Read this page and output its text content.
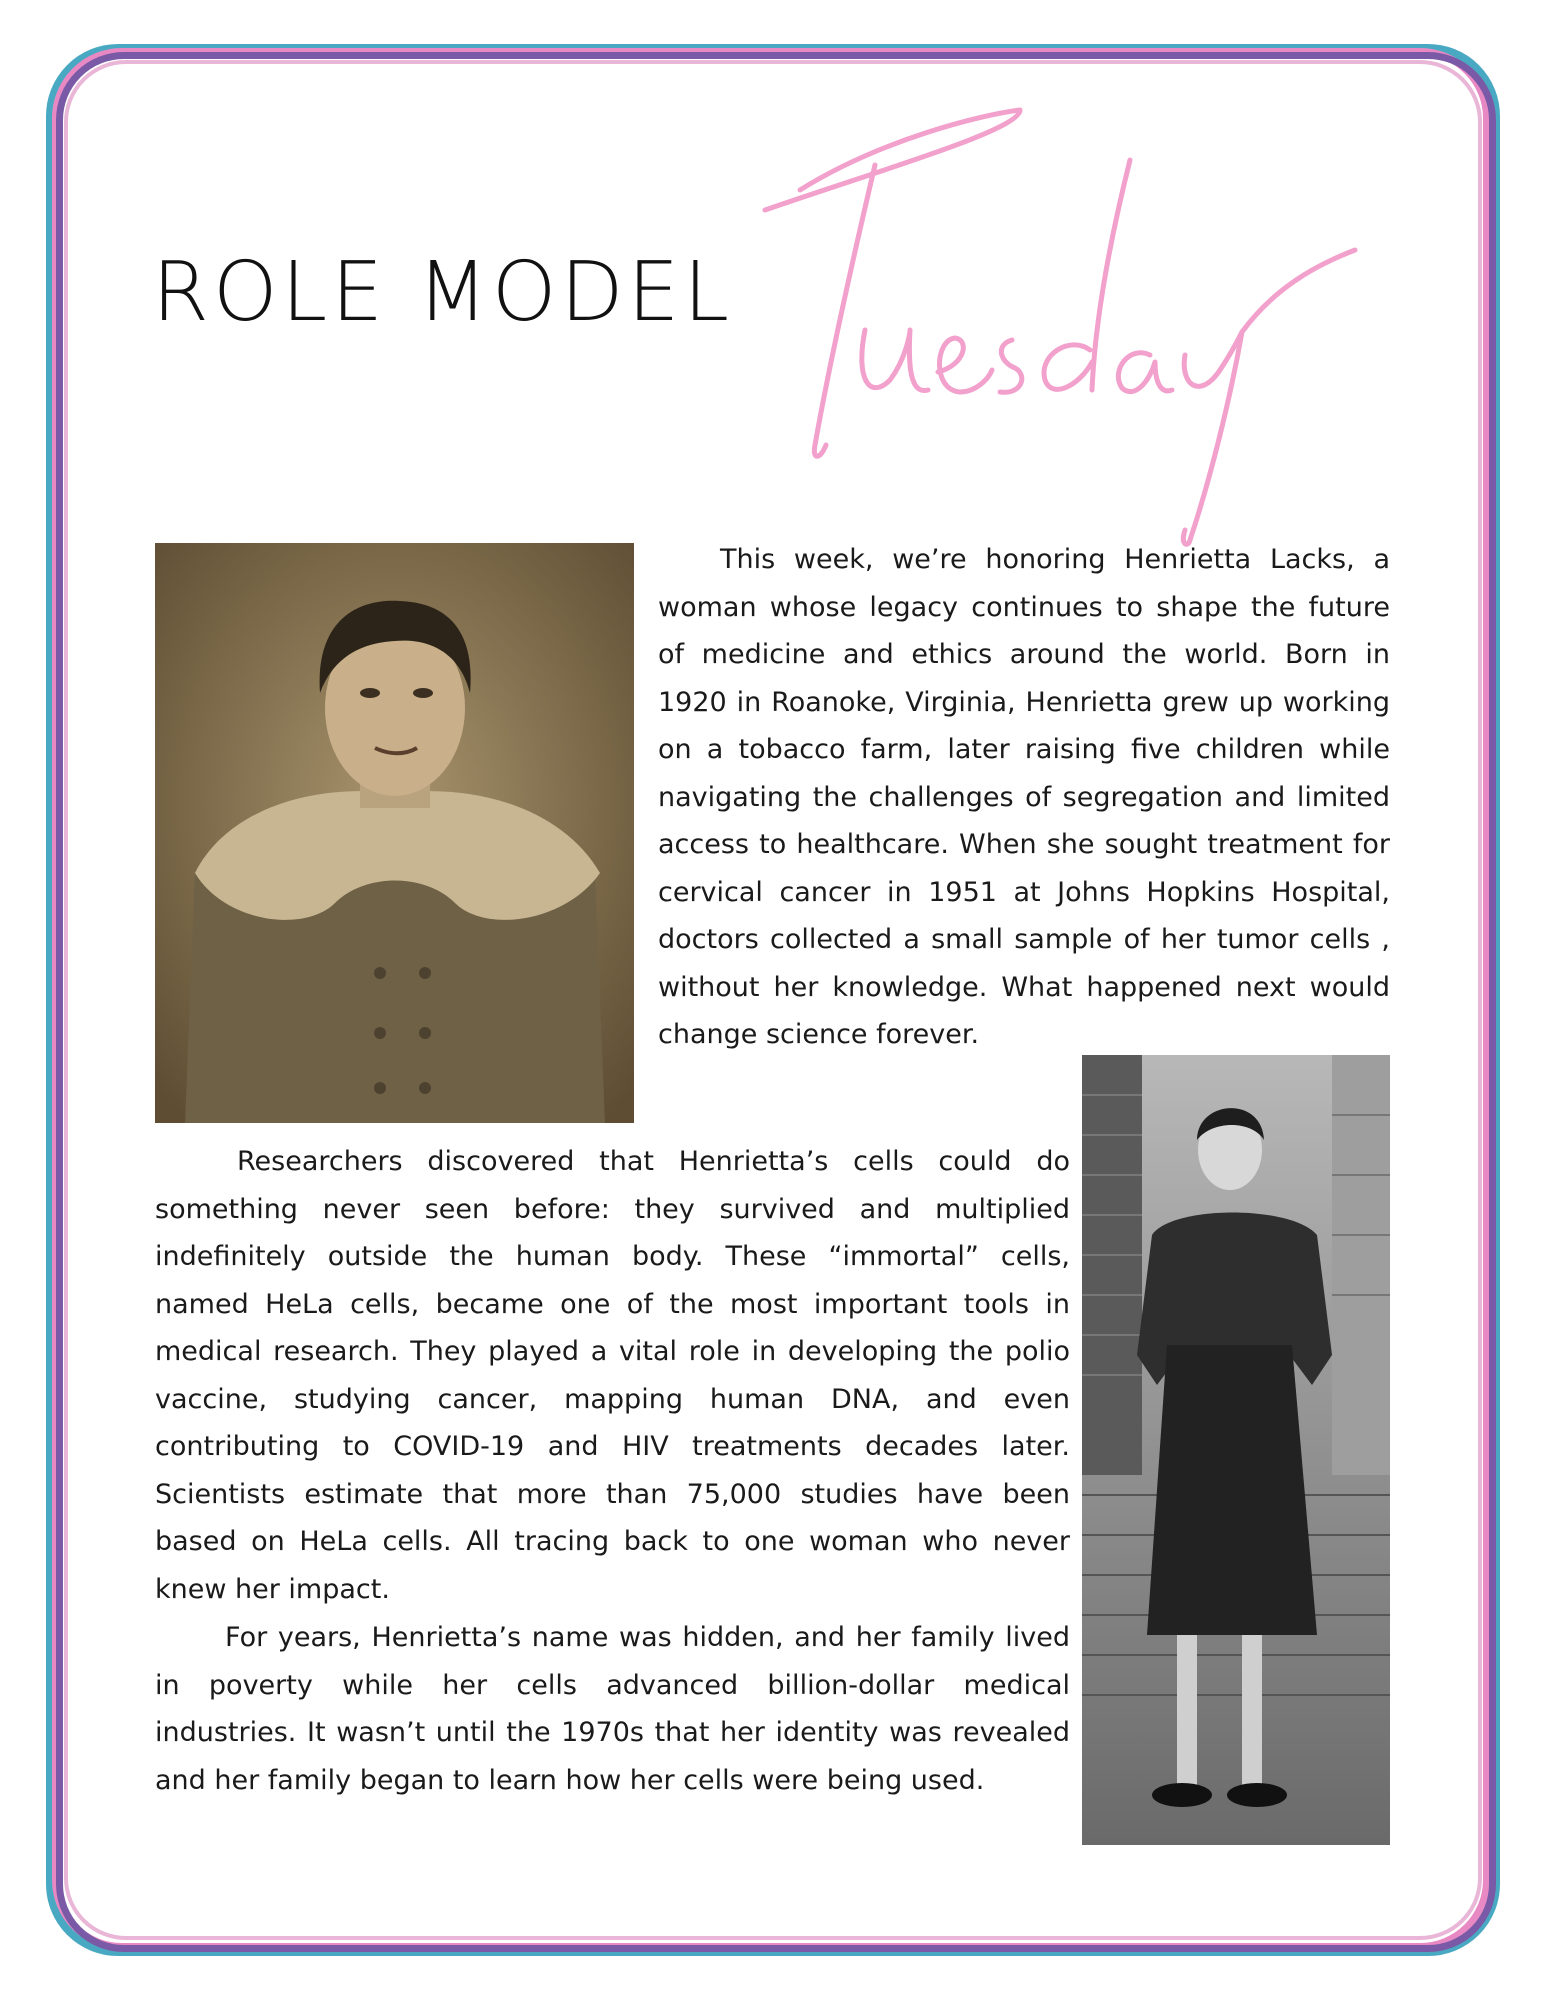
ROLE MODEL

This week, we’re honoring Henrietta Lacks, a woman whose legacy continues to shape the future of medicine and ethics around the world. Born in 1920 in Roanoke, Virginia, Henrietta grew up working on a tobacco farm, later raising five children while navigating the challenges of segregation and limited access to healthcare. When she sought treatment for cervical cancer in 1951 at Johns Hopkins Hospital, doctors collected a small sample of her tumor cells , without her knowledge. What happened next would change science forever.

Researchers discovered that Henrietta’s cells could do something never seen before: they survived and multiplied indefinitely outside the human body. These “immortal” cells, named HeLa cells, became one of the most important tools in medical research. They played a vital role in developing the polio vaccine, studying cancer, mapping human DNA, and even contributing to COVID-19 and HIV treatments decades later. Scientists estimate that more than 75,000 studies have been based on HeLa cells. All tracing back to one woman who never knew her impact.

For years, Henrietta’s name was hidden, and her family lived in poverty while her cells advanced billion-dollar medical industries. It wasn’t until the 1970s that her identity was revealed and her family began to learn how her cells were being used.
